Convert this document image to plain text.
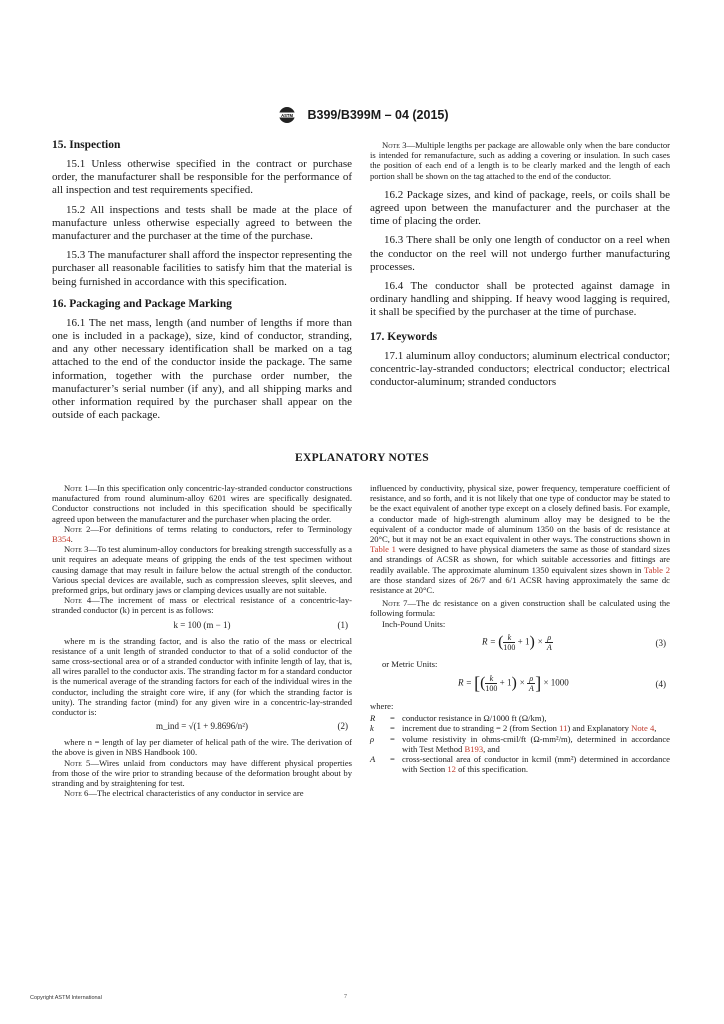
ASTM B399/B399M – 04 (2015)
15. Inspection

15.1 Unless otherwise specified in the contract or purchase order, the manufacturer shall be responsible for the performance of all inspection and test requirements specified.

15.2 All inspections and tests shall be made at the place of manufacture unless otherwise especially agreed to between the manufacturer and the purchaser at the time of the purchase.

15.3 The manufacturer shall afford the inspector representing the purchaser all reasonable facilities to satisfy him that the material is being furnished in accordance with this specification.

16. Packaging and Package Marking

16.1 The net mass, length (and number of lengths if more than one is included in a package), size, kind of conductor, stranding, and any other necessary identification shall be marked on a tag attached to the end of the conductor inside the package. The same information, together with the purchase order number, the manufacturer’s serial number (if any), and all shipping marks and other information required by the purchaser shall appear on the outside of each package.

Note 3—Multiple lengths per package are allowable only when the bare conductor is intended for remanufacture, such as adding a covering or insulation. In such cases the position of each end of a length is to be clearly marked and the length of each portion shall be shown on the tag attached to the end of the conductor.

16.2 Package sizes, and kind of package, reels, or coils shall be agreed upon between the manufacturer and the purchaser at the time of placing the order.

16.3 There shall be only one length of conductor on a reel when the conductor on the reel will not undergo further manufacturing processes.

16.4 The conductor shall be protected against damage in ordinary handling and shipping. If heavy wood lagging is required, it shall be specified by the purchaser at the time of purchase.

17. Keywords

17.1 aluminum alloy conductors; aluminum electrical conductor; concentric-lay-stranded conductors; electrical conductor; electrical conductor-aluminum; stranded conductors

EXPLANATORY NOTES

Note 1—In this specification only concentric-lay-stranded conductor constructions manufactured from round aluminum-alloy 6201 wires are specifically designated. Conductor constructions not included in this specification should be specifically agreed upon between the manufacturer and the purchaser when placing the order.

Note 2—For definitions of terms relating to conductors, refer to Terminology B354.

Note 3—To test aluminum-alloy conductors for breaking strength successfully as a unit requires an adequate means of gripping the ends of the test specimen without causing damage that may result in failure below the actual strength of the conductor. Various special devices are available, such as compression sleeves, split sleeves, and preformed grips, but ordinary jaws or clamping devices usually are not suitable.

Note 4—The increment of mass or electrical resistance of a concentric-lay-stranded conductor (k) in percent is as follows:

k = 100 (m − 1)	(1)

where m is the stranding factor, and is also the ratio of the mass or electrical resistance of a unit length of stranded conductor to that of a solid conductor of the same cross-sectional area or of a stranded conductor with infinite length of lay, that is, all wires parallel to the conductor axis. The stranding factor m for a standard conductor is the numerical average of the stranding factors for each of the individual wires in the conductor, including the straight core wire, if any (for which the stranding factor is unity). The stranding factor (mind) for any given wire in a concentric-lay-stranded conductor is:

m_ind = √(1 + 9.8696/n²)	(2)

where n = length of lay per diameter of helical path of the wire. The derivation of the above is given in NBS Handbook 100.

Note 5—Wires unlaid from conductors may have different physical properties from those of the wire prior to stranding because of the deformation brought about by stranding and by straightening for test.

Note 6—The electrical characteristics of any conductor in service are

influenced by conductivity, physical size, power frequency, temperature coefficient of resistance, and so forth, and it is not likely that one type of conductor may be stated to be the exact equivalent of another type except on a closely defined basis. For example, a conductor made of high-strength aluminum alloy may be designed to be the equivalent of a conductor made of aluminum 1350 on the basis of dc resistance at 20°C, but it may not be an exact equivalent in other ways. The constructions shown in Table 1 were designed to have physical diameters the same as those of standard sizes and strandings of ACSR as shown, for which suitable accessories and fittings are readily available. The approximate aluminum 1350 equivalent sizes shown in Table 2 are those standard sizes of 26/7 and 6/1 ACSR having approximately the same dc resistance at 20°C.

Note 7—The dc resistance on a given construction shall be calculated using the following formula:

Inch-Pound Units:

R = ( $\frac{k}{100} + 1) \times \frac{\rho}{A}$	(3)

or Metric Units:

R = [( $\frac{k}{100} + 1) \times \frac{\rho}{A}$ ] × 1000	(4)

where:

R	= conductor resistance in Ω/1000 ft (Ω/km),
k	= increment due to stranding = 2 (from Section 11) and Explanatory Note 4,
ρ	= volume resistivity in ohms-cmil/ft (Ω-mm²/m), determined in accordance with Test Method B193, and
A	= cross-sectional area of conductor in kcmil (mm²) determined in accordance with Section 12 of this specification.
Copyright ASTM International	7
